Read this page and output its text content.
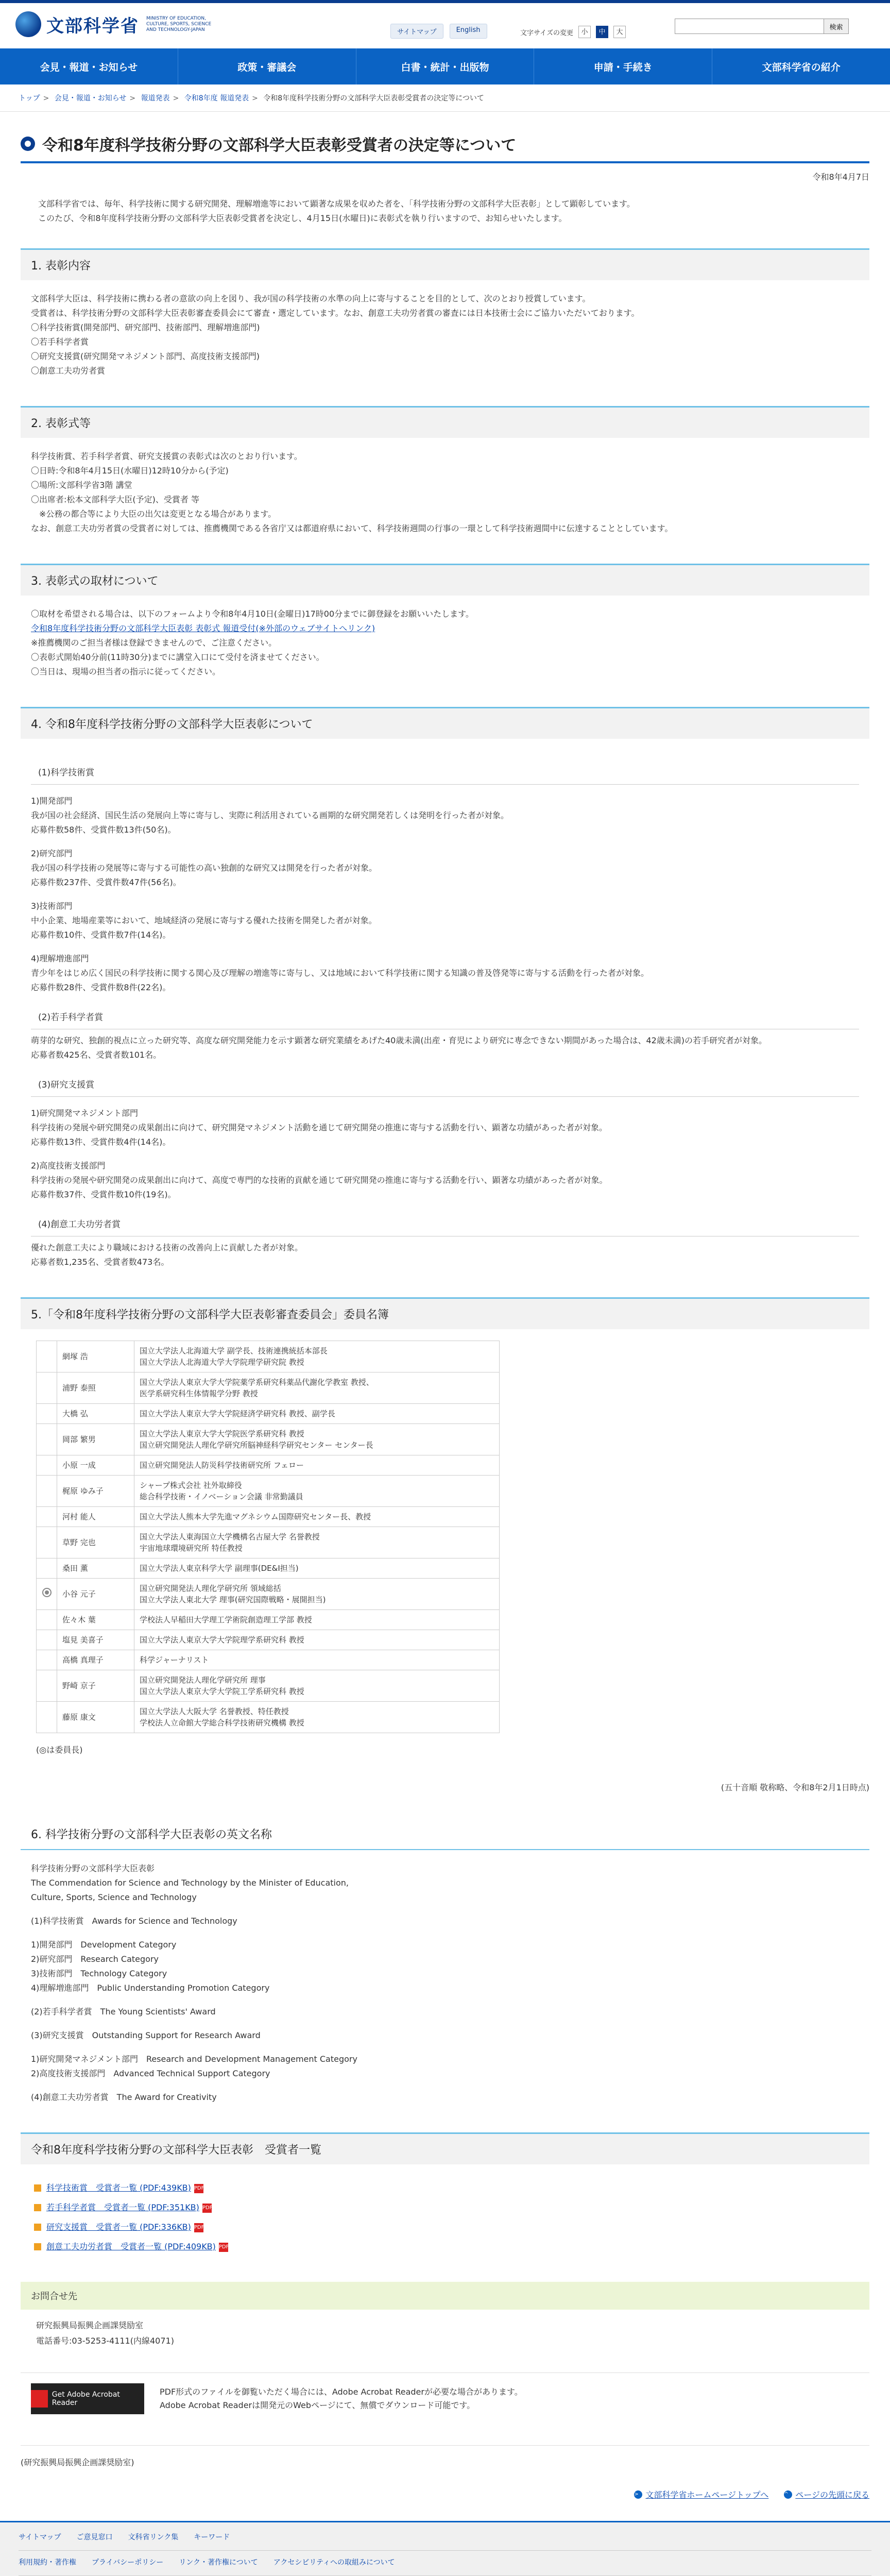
文部科学省 MINISTRY OF EDUCATION, CULTURE, SPORTS, SCIENCE AND TECHNOLOGY-JAPAN	サイトマップ	English	文字サイズの変更	小	中	大
検索
会見・報道・お知らせ	政策・審議会	白書・統計・出版物	申請・手続き	文部科学省の紹介
トップ > 会見・報道・お知らせ > 報道発表 > 令和8年度 報道発表 > 令和8年度科学技術分野の文部科学大臣表彰受賞者の決定等について
令和8年度科学技術分野の文部科学大臣表彰受賞者の決定等について
令和8年4月7日

文部科学省では、毎年、科学技術に関する研究開発、理解増進等において顕著な成果を収めた者を、「科学技術分野の文部科学大臣表彰」として顕彰しています。

このたび、令和8年度科学技術分野の文部科学大臣表彰受賞者を決定し、4月15日(水曜日)に表彰式を執り行いますので、お知らせいたします。

1. 表彰内容

文部科学大臣は、科学技術に携わる者の意欲の向上を図り、我が国の科学技術の水準の向上に寄与することを目的として、次のとおり授賞しています。

受賞者は、科学技術分野の文部科学大臣表彰審査委員会にて審査・選定しています。なお、創意工夫功労者賞の審査には日本技術士会にご協力いただいております。

〇科学技術賞(開発部門、研究部門、技術部門、理解増進部門)

〇若手科学者賞

〇研究支援賞(研究開発マネジメント部門、高度技術支援部門)

〇創意工夫功労者賞

2. 表彰式等

科学技術賞、若手科学者賞、研究支援賞の表彰式は次のとおり行います。

〇日時:令和8年4月15日(水曜日)12時10分から(予定)

〇場所:文部科学省3階 講堂

〇出席者:松本文部科学大臣(予定)、受賞者 等

　※公務の都合等により大臣の出欠は変更となる場合があります。

なお、創意工夫功労者賞の受賞者に対しては、推薦機関である各省庁又は都道府県において、科学技術週間の行事の一環として科学技術週間中に伝達することとしています。

3. 表彰式の取材について

〇取材を希望される場合は、以下のフォームより令和8年4月10日(金曜日)17時00分までに御登録をお願いいたします。

令和8年度科学技術分野の文部科学大臣表彰 表彰式 報道受付(※外部のウェブサイトへリンク)

※推薦機関のご担当者様は登録できませんので、ご注意ください。

〇表彰式開始40分前(11時30分)までに講堂入口にて受付を済ませてください。

〇当日は、現場の担当者の指示に従ってください。

4. 令和8年度科学技術分野の文部科学大臣表彰について
(1)科学技術賞

1)開発部門

我が国の社会経済、国民生活の発展向上等に寄与し、実際に利活用されている画期的な研究開発若しくは発明を行った者が対象。

応募件数58件、受賞件数13件(50名)。

2)研究部門

我が国の科学技術の発展等に寄与する可能性の高い独創的な研究又は開発を行った者が対象。

応募件数237件、受賞件数47件(56名)。

3)技術部門

中小企業、地場産業等において、地域経済の発展に寄与する優れた技術を開発した者が対象。

応募件数10件、受賞件数7件(14名)。

4)理解増進部門

青少年をはじめ広く国民の科学技術に関する関心及び理解の増進等に寄与し、又は地域において科学技術に関する知識の普及啓発等に寄与する活動を行った者が対象。

応募件数28件、受賞件数8件(22名)。

(2)若手科学者賞

萌芽的な研究、独創的視点に立った研究等、高度な研究開発能力を示す顕著な研究業績をあげた40歳未満(出産・育児により研究に専念できない期間があった場合は、42歳未満)の若手研究者が対象。

応募者数425名、受賞者数101名。

(3)研究支援賞

1)研究開発マネジメント部門

科学技術の発展や研究開発の成果創出に向けて、研究開発マネジメント活動を通じて研究開発の推進に寄与する活動を行い、顕著な功績があった者が対象。

応募件数13件、受賞件数4件(14名)。

2)高度技術支援部門

科学技術の発展や研究開発の成果創出に向けて、高度で専門的な技術的貢献を通じて研究開発の推進に寄与する活動を行い、顕著な功績があった者が対象。

応募件数37件、受賞件数10件(19名)。

(4)創意工夫功労者賞

優れた創意工夫により職域における技術の改善向上に貢献した者が対象。

応募者数1,235名、受賞者数473名。

5.「令和8年度科学技術分野の文部科学大臣表彰審査委員会」委員名簿
	網塚 浩	国立大学法人北海道大学 副学長、技術連携統括本部長
国立大学法人北海道大学大学院理学研究院 教授
	浦野 泰照	国立大学法人東京大学大学院薬学系研究科薬品代謝化学教室 教授、
医学系研究科生体情報学分野 教授
	大橋 弘	国立大学法人東京大学大学院経済学研究科 教授、副学長
	岡部 繁男	国立大学法人東京大学大学院医学系研究科 教授
国立研究開発法人理化学研究所脳神経科学研究センター センター長
	小原 一成	国立研究開発法人防災科学技術研究所 フェロー
	梶原 ゆみ子	シャープ株式会社 社外取締役
総合科学技術・イノベーション会議 非常勤議員
	河村 能人	国立大学法人熊本大学先進マグネシウム国際研究センター長、教授
	草野 完也	国立大学法人東海国立大学機構名古屋大学 名誉教授
宇宙地球環境研究所 特任教授
	桑田 薫	国立大学法人東京科学大学 副理事(DE&I担当)
	小谷 元子	国立研究開発法人理化学研究所 領域総括
国立大学法人東北大学 理事(研究国際戦略・展開担当)
	佐々木 葉	学校法人早稲田大学理工学術院創造理工学部 教授
	塩見 美喜子	国立大学法人東京大学大学院理学系研究科 教授
	高橋 真理子	科学ジャーナリスト
	野崎 京子	国立研究開発法人理化学研究所 理事
国立大学法人東京大学大学院工学系研究科 教授
	藤原 康文	国立大学法人大阪大学 名誉教授、特任教授
学校法人立命館大学総合科学技術研究機構 教授

(◎は委員長)

(五十音順 敬称略、令和8年2月1日時点)

6. 科学技術分野の文部科学大臣表彰の英文名称

科学技術分野の文部科学大臣表彰

The Commendation for Science and Technology by the Minister of Education,

Culture, Sports, Science and Technology

(1)科学技術賞　Awards for Science and Technology

1)開発部門　Development Category

2)研究部門　Research Category

3)技術部門　Technology Category

4)理解増進部門　Public Understanding Promotion Category

(2)若手科学者賞　The Young Scientists' Award

(3)研究支援賞　Outstanding Support for Research Award

1)研究開発マネジメント部門　Research and Development Management Category

2)高度技術支援部門　Advanced Technical Support Category

(4)創意工夫功労者賞　The Award for Creativity

令和8年度科学技術分野の文部科学大臣表彰　受賞者一覧
科学技術賞　受賞者一覧 (PDF:439KB) PDF
若手科学者賞　受賞者一覧 (PDF:351KB) PDF
研究支援賞　受賞者一覧 (PDF:336KB) PDF
創意工夫功労者賞　受賞者一覧 (PDF:409KB) PDF
お問合せ先

研究振興局振興企画課奨励室

電話番号:03-5253-4111(内線4071)

Get Adobe Acrobat Reader

PDF形式のファイルを御覧いただく場合には、Adobe Acrobat Readerが必要な場合があります。

Adobe Acrobat Readerは開発元のWebページにて、無償でダウンロード可能です。

(研究振興局振興企画課奨励室)
> 文部科学省ホームページトップへ	^ ページの先頭に戻る
サイトマップ ご意見窓口 文科省リンク集 キーワード
利用規約・著作権 プライバシーポリシー リンク・著作権について アクセシビリティへの取組みについて
